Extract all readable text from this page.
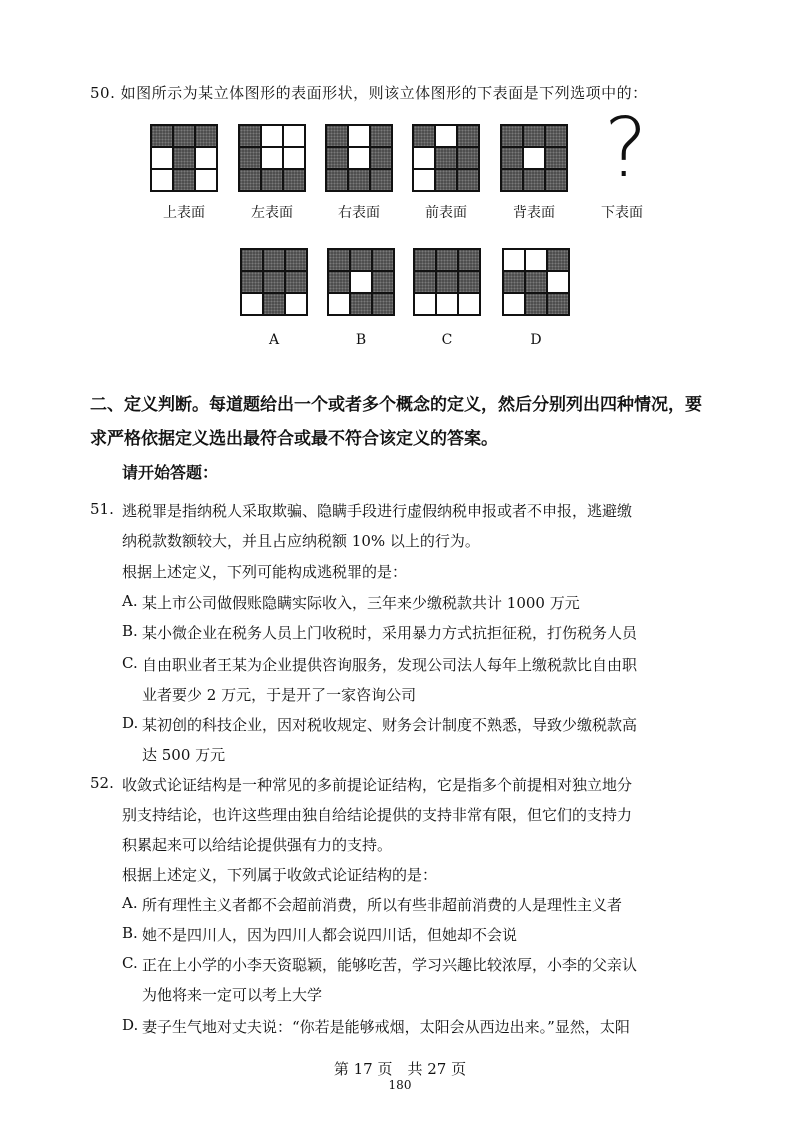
50. 如图所示为某立体图形的表面形状，则该立体图形的下表面是下列选项中的：
上表面	左表面	右表面	前表面	背表面
?
下表面
A	B	C	D
二、定义判断。每道题给出一个或者多个概念的定义，然后分别列出四种情况，要求严格依据定义选出最符合或最不符合该定义的答案。
请开始答题：
51. 逃税罪是指纳税人采取欺骗、隐瞒手段进行虚假纳税申报或者不申报，逃避缴
纳税款数额较大，并且占应纳税额 10% 以上的行为。
根据上述定义，下列可能构成逃税罪的是：
A. 某上市公司做假账隐瞒实际收入，三年来少缴税款共计 1000 万元
B. 某小微企业在税务人员上门收税时，采用暴力方式抗拒征税，打伤税务人员
C. 自由职业者王某为企业提供咨询服务，发现公司法人每年上缴税款比自由职
业者要少 2 万元，于是开了一家咨询公司
D. 某初创的科技企业，因对税收规定、财务会计制度不熟悉，导致少缴税款高
达 500 万元
52. 收敛式论证结构是一种常见的多前提论证结构，它是指多个前提相对独立地分
别支持结论，也许这些理由独自给结论提供的支持非常有限，但它们的支持力
积累起来可以给结论提供强有力的支持。
根据上述定义，下列属于收敛式论证结构的是：
A. 所有理性主义者都不会超前消费，所以有些非超前消费的人是理性主义者
B. 她不是四川人，因为四川人都会说四川话，但她却不会说
C. 正在上小学的小李天资聪颖，能够吃苦，学习兴趣比较浓厚，小李的父亲认
为他将来一定可以考上大学
D. 妻子生气地对丈夫说：“你若是能够戒烟，太阳会从西边出来。”显然，太阳
第 17 页　共 27 页
180
